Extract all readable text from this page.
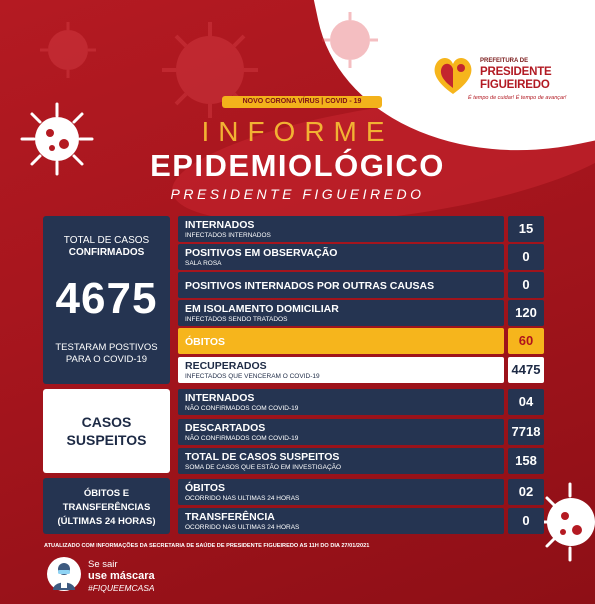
PREFEITURA DE
PRESIDENTE
FIGUEIREDO
É tempo de cuidar! É tempo de avançar!
NOVO CORONA VÍRUS | COVID - 19
INFORME
EPIDEMIOLÓGICO
PRESIDENTE FIGUEIREDO
TOTAL DE CASOS
CONFIRMADOS
4675
TESTARAM POSTIVOS
PARA O COVID-19
CASOS
SUSPEITOS
ÓBITOS E
TRANSFERÊNCIAS
(ÚLTIMAS 24 HORAS)
INTERNADOS
INFECTADOS INTERNADOS	15
POSITIVOS EM OBSERVAÇÃO
SALA ROSA	0
POSITIVOS INTERNADOS POR OUTRAS CAUSAS	0
EM ISOLAMENTO DOMICILIAR
INFECTADOS SENDO TRATADOS	120
ÓBITOS	60
RECUPERADOS
INFECTADOS QUE VENCERAM O COVID-19	4475
INTERNADOS
NÃO CONFIRMADOS COM COVID-19	04
DESCARTADOS
NÃO CONFIRMADOS COM COVID-19	7718
TOTAL DE CASOS SUSPEITOS
SOMA DE CASOS QUE ESTÃO EM INVESTIGAÇÃO	158
ÓBITOS
OCORRIDO NAS ULTIMAS 24 HORAS	02
TRANSFERÊNCIA
OCORRIDO NAS ULTIMAS 24 HORAS	0
ATUALIZADO COM INFORMAÇÕES DA SECRETARIA DE SAÚDE DE PRESIDENTE FIGUEIREDO AS 11H DO DIA 27/01/2021
Se sair
use máscara
#FIQUEEMCASA
